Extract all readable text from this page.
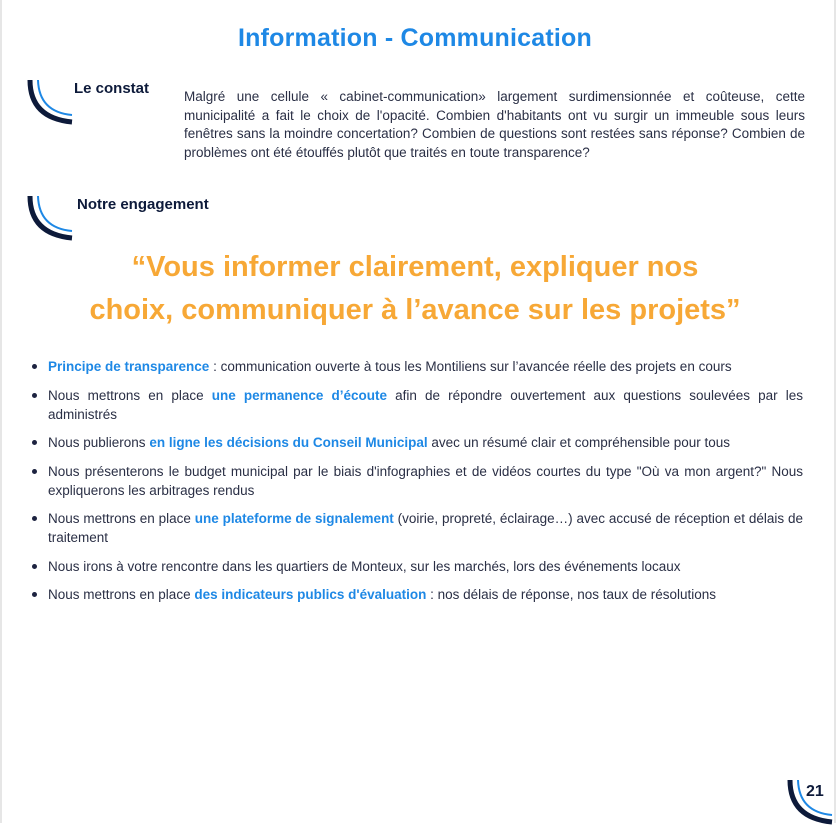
Information - Communication
Le constat	Malgré une cellule « cabinet-communication» largement surdimensionnée et coûteuse, cette municipalité a fait le choix de l'opacité. Combien d'habitants ont vu surgir un immeuble sous leurs fenêtres sans la moindre concertation? Combien de questions sont restées sans réponse? Combien de problèmes ont été étouffés plutôt que traités en toute transparence?
Notre engagement
“Vous informer clairement, expliquer nos
choix, communiquer à l’avance sur les projets”
Principe de transparence : communication ouverte à tous les Montiliens sur l’avancée réelle des projets en cours
Nous mettrons en place une permanence d’écoute afin de répondre ouvertement aux questions soulevées par les administrés
Nous publierons en ligne les décisions du Conseil Municipal avec un résumé clair et compréhensible pour tous
Nous présenterons le budget municipal par le biais d'infographies et de vidéos courtes du type "Où va mon argent?" Nous expliquerons les arbitrages rendus
Nous mettrons en place une plateforme de signalement (voirie, propreté, éclairage…) avec accusé de réception et délais de traitement
Nous irons à votre rencontre dans les quartiers de Monteux, sur les marchés, lors des événements locaux
Nous mettrons en place des indicateurs publics d'évaluation : nos délais de réponse, nos taux de résolutions
21
